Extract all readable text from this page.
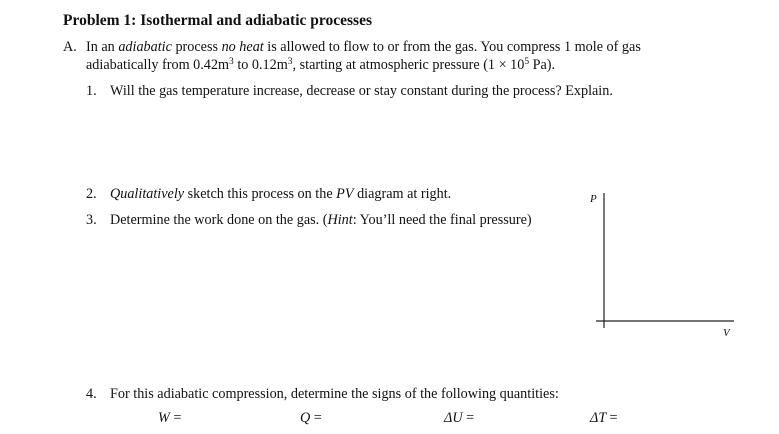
Problem 1: Isothermal and adiabatic processes
A. In an adiabatic process no heat is allowed to flow to or from the gas. You compress 1 mole of gas
adiabatically from $0.42m^3$ to $0.12m^3$, starting at atmospheric pressure ($1 \times 10^5$ Pa).
1. Will the gas temperature increase, decrease or stay constant during the process? Explain.
2. Qualitatively sketch this process on the PV diagram at right.
3. Determine the work done on the gas. (Hint: You’ll need the final pressure)
P
V
4. For this adiabatic compression, determine the signs of the following quantities:
W =	Q =	ΔU =	ΔT =
